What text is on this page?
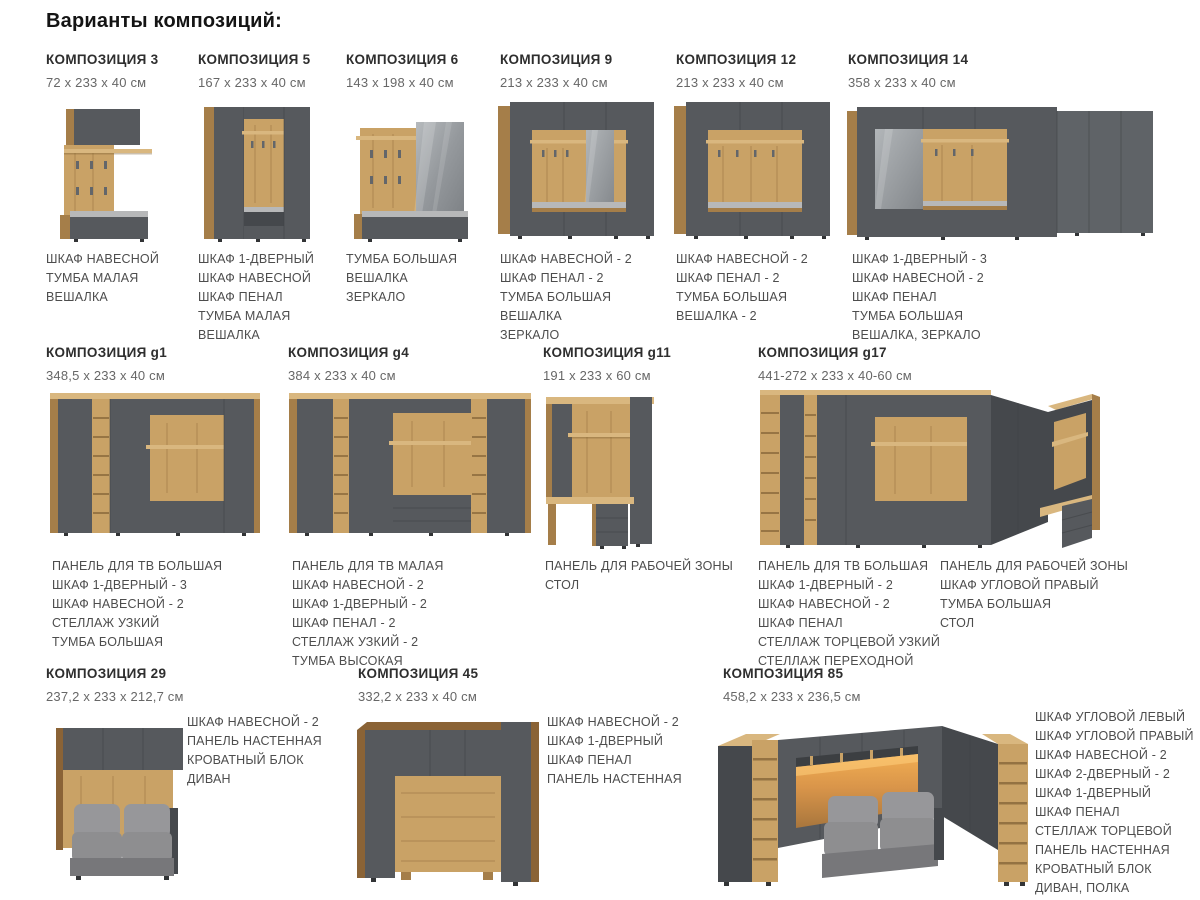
Варианты композиций:
КОМПОЗИЦИЯ 3
72 x 233 x 40 см
ШКАФ НАВЕСНОЙ
ТУМБА МАЛАЯ
ВЕШАЛКА
КОМПОЗИЦИЯ 5
167 x 233 x 40 см
ШКАФ 1-ДВЕРНЫЙ
ШКАФ НАВЕСНОЙ
ШКАФ ПЕНАЛ
ТУМБА МАЛАЯ
ВЕШАЛКА
КОМПОЗИЦИЯ 6
143 x 198 x 40 см
ТУМБА БОЛЬШАЯ
ВЕШАЛКА
ЗЕРКАЛО
КОМПОЗИЦИЯ 9
213 x 233 x 40 см
ШКАФ НАВЕСНОЙ - 2
ШКАФ ПЕНАЛ - 2
ТУМБА БОЛЬШАЯ
ВЕШАЛКА
ЗЕРКАЛО
КОМПОЗИЦИЯ 12
213 x 233 x 40 см
ШКАФ НАВЕСНОЙ - 2
ШКАФ ПЕНАЛ - 2
ТУМБА БОЛЬШАЯ
ВЕШАЛКА - 2
КОМПОЗИЦИЯ 14
358 x 233 x 40 см
ШКАФ 1-ДВЕРНЫЙ - 3
ШКАФ НАВЕСНОЙ - 2
ШКАФ ПЕНАЛ
ТУМБА БОЛЬШАЯ
ВЕШАЛКА, ЗЕРКАЛО
КОМПОЗИЦИЯ g1
348,5 x 233 x 40 см
ПАНЕЛЬ ДЛЯ ТВ БОЛЬШАЯ
ШКАФ 1-ДВЕРНЫЙ - 3
ШКАФ НАВЕСНОЙ - 2
СТЕЛЛАЖ УЗКИЙ
ТУМБА БОЛЬШАЯ
КОМПОЗИЦИЯ g4
384 x 233 x 40 см
ПАНЕЛЬ ДЛЯ ТВ МАЛАЯ
ШКАФ НАВЕСНОЙ - 2
ШКАФ 1-ДВЕРНЫЙ - 2
ШКАФ ПЕНАЛ - 2
СТЕЛЛАЖ УЗКИЙ - 2
ТУМБА ВЫСОКАЯ
КОМПОЗИЦИЯ g11
191 x 233 x 60 см
ПАНЕЛЬ ДЛЯ РАБОЧЕЙ ЗОНЫ
СТОЛ
КОМПОЗИЦИЯ g17
441-272 x 233 x 40-60 см
ПАНЕЛЬ ДЛЯ ТВ БОЛЬШАЯ
ШКАФ 1-ДВЕРНЫЙ - 2
ШКАФ НАВЕСНОЙ - 2
ШКАФ ПЕНАЛ
СТЕЛЛАЖ ТОРЦЕВОЙ УЗКИЙ
СТЕЛЛАЖ ПЕРЕХОДНОЙ
ПАНЕЛЬ ДЛЯ РАБОЧЕЙ ЗОНЫ
ШКАФ УГЛОВОЙ ПРАВЫЙ
ТУМБА БОЛЬШАЯ
СТОЛ
КОМПОЗИЦИЯ 29
237,2 x 233 x 212,7 см
ШКАФ НАВЕСНОЙ - 2
ПАНЕЛЬ НАСТЕННАЯ
КРОВАТНЫЙ БЛОК
ДИВАН
КОМПОЗИЦИЯ 45
332,2 x 233 x 40 см
ШКАФ НАВЕСНОЙ - 2
ШКАФ 1-ДВЕРНЫЙ
ШКАФ ПЕНАЛ
ПАНЕЛЬ НАСТЕННАЯ
КОМПОЗИЦИЯ 85
458,2 x 233 x 236,5 см
ШКАФ УГЛОВОЙ ЛЕВЫЙ
ШКАФ УГЛОВОЙ ПРАВЫЙ
ШКАФ НАВЕСНОЙ - 2
ШКАФ 2-ДВЕРНЫЙ - 2
ШКАФ 1-ДВЕРНЫЙ
ШКАФ ПЕНАЛ
СТЕЛЛАЖ ТОРЦЕВОЙ
ПАНЕЛЬ НАСТЕННАЯ
КРОВАТНЫЙ БЛОК
ДИВАН, ПОЛКА
